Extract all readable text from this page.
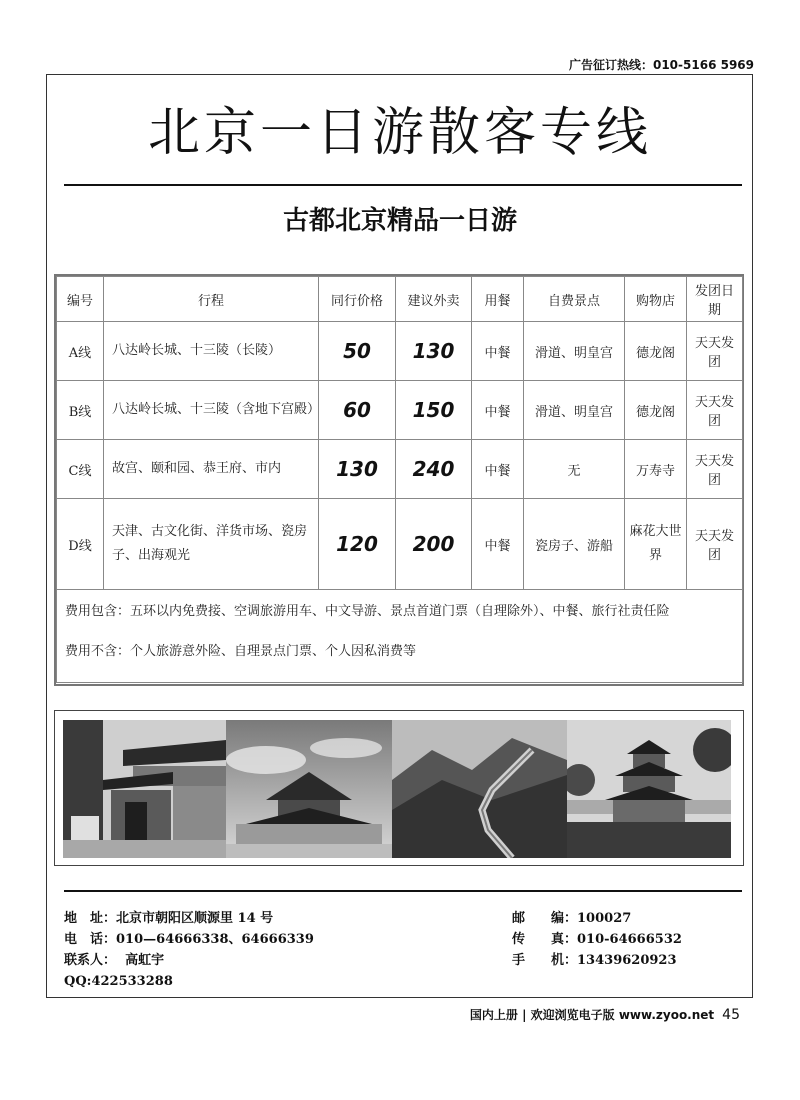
广告征订热线：010-5166 5969
北京一日游散客专线
古都北京精品一日游
编号	行程	同行价格	建议外卖	用餐	自费景点	购物店	发团日期
A线	八达岭长城、十三陵（长陵）	50	130	中餐	滑道、明皇宫	德龙阁	天天发团
B线	八达岭长城、十三陵（含地下宫殿）	60	150	中餐	滑道、明皇宫	德龙阁	天天发团
C线	故宫、颐和园、恭王府、市内	130	240	中餐	无	万寿寺	天天发团
D线	天津、古文化街、洋货市场、瓷房子、出海观光	120	200	中餐	瓷房子、游船	麻花大世界	天天发团

费用包含：五环以内免费接、空调旅游用车、中文导游、景点首道门票（自理除外）、中餐、旅行社责任险
费用不含：个人旅游意外险、自理景点门票、个人因私消费等							
地　址：北京市朝阳区顺源里 14 号
电　话：010—64666338、64666339
联系人： 高虹宇
QQ:422533288
邮　　编：100027
传　　真：010-64666532
手　　机：13439620923
国内上册 | 欢迎浏览电子版 www.zyoo.net 45
